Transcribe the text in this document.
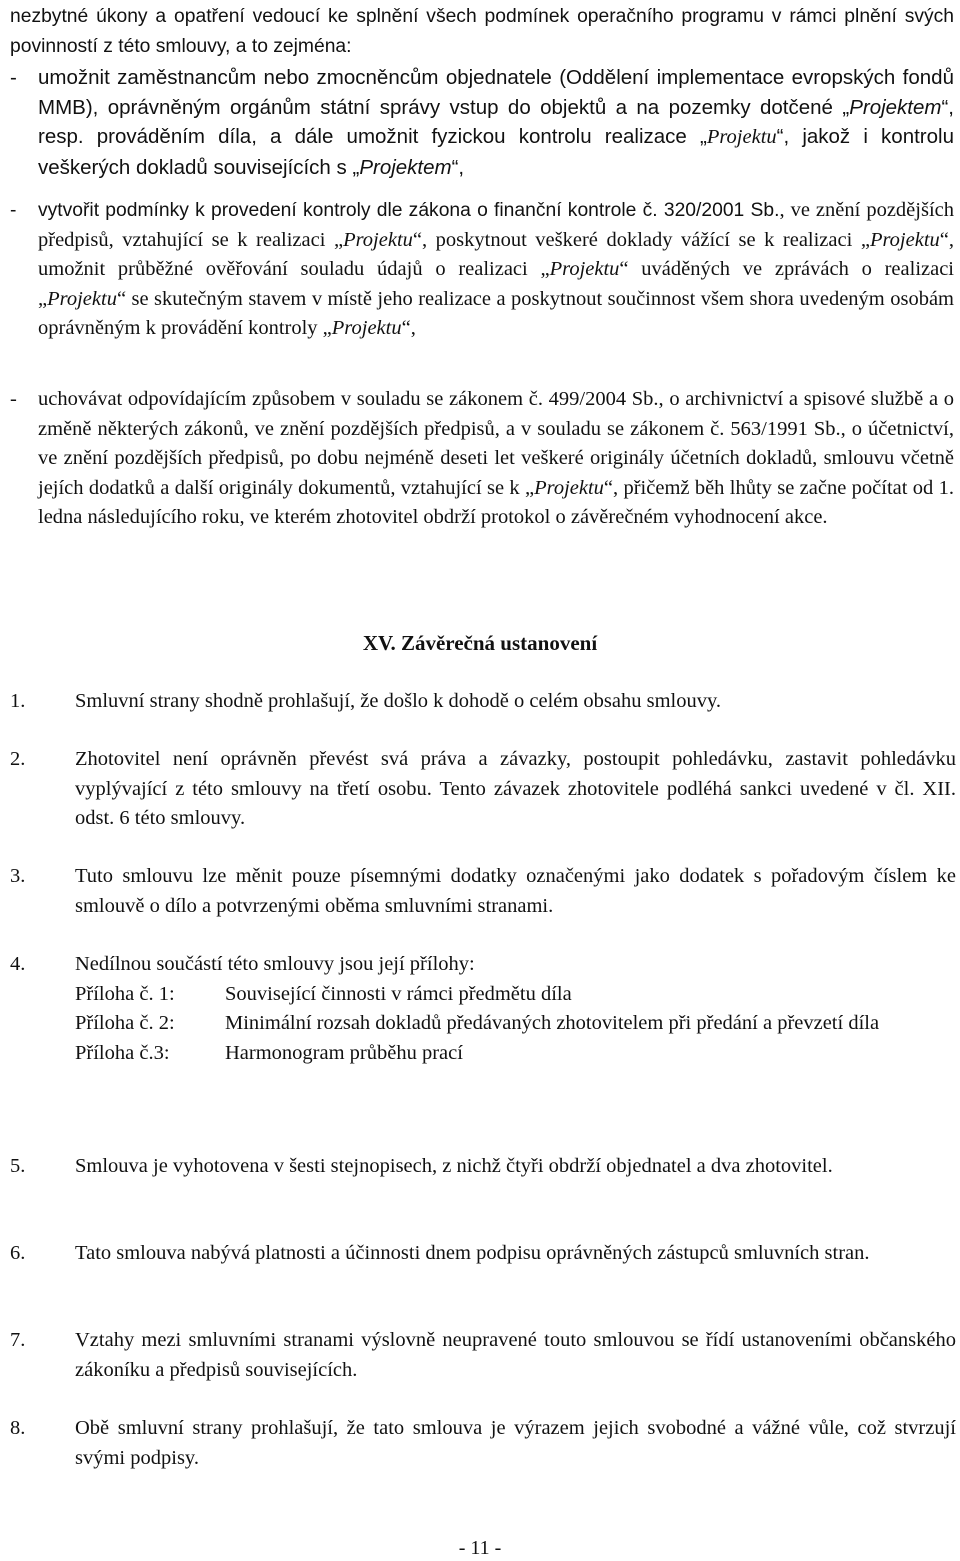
nezbytné úkony a opatření vedoucí ke splnění všech podmínek operačního programu v rámci plnění svých povinností z této smlouvy, a to zejména:

- umožnit zaměstnancům nebo zmocněncům objednatele (Oddělení implementace evropských fondů MMB), oprávněným orgánům státní správy vstup do objektů a na pozemky dotčené „Projektem“, resp. prováděním díla, a dále umožnit fyzickou kontrolu realizace „Projektu“, jakož i kontrolu veškerých dokladů souvisejících s „Projektem“,
- vytvořit podmínky k provedení kontroly dle zákona o finanční kontrole č. 320/2001 Sb., ve znění pozdějších předpisů, vztahující se k realizaci „Projektu“, poskytnout veškeré doklady vážící se k realizaci „Projektu“, umožnit průběžné ověřování souladu údajů o realizaci „Projektu“ uváděných ve zprávách o realizaci „Projektu“ se skutečným stavem v místě jeho realizace a poskytnout součinnost všem shora uvedeným osobám oprávněným k provádění kontroly „Projektu“,
- uchovávat odpovídajícím způsobem v souladu se zákonem č. 499/2004 Sb., o archivnictví a spisové službě a o změně některých zákonů, ve znění pozdějších předpisů, a v souladu se zákonem č. 563/1991 Sb., o účetnictví, ve znění pozdějších předpisů, po dobu nejméně deseti let veškeré originály účetních dokladů, smlouvu včetně jejích dodatků a další originály dokumentů, vztahující se k „Projektu“, přičemž běh lhůty se začne počítat od 1. ledna následujícího roku, ve kterém zhotovitel obdrží protokol o závěrečném vyhodnocení akce.
XV. Závěrečná ustanovení
1. Smluvní strany shodně prohlašují, že došlo k dohodě o celém obsahu smlouvy.

2. Zhotovitel není oprávněn převést svá práva a závazky, postoupit pohledávku, zastavit pohledávku vyplývající z této smlouvy na třetí osobu. Tento závazek zhotovitele podléhá sankci uvedené v čl. XII. odst. 6 této smlouvy.

3. Tuto smlouvu lze měnit pouze písemnými dodatky označenými jako dodatek s pořadovým číslem ke smlouvě o dílo a potvrzenými oběma smluvními stranami.

4. Nedílnou součástí této smlouvy jsou její přílohy:

Příloha č. 1:	Související činnosti v rámci předmětu díla
Příloha č. 2:	Minimální rozsah dokladů předávaných zhotovitelem při předání a převzetí díla
Příloha č.3:	Harmonogram průběhu prací
5. Smlouva je vyhotovena v šesti stejnopisech, z nichž čtyři obdrží objednatel a dva zhotovitel.

6. Tato smlouva nabývá platnosti a účinnosti dnem podpisu oprávněných zástupců smluvních stran.

7. Vztahy mezi smluvními stranami výslovně neupravené touto smlouvou se řídí ustanoveními občanského zákoníku a předpisů souvisejících.

8. Obě smluvní strany prohlašují, že tato smlouva je výrazem jejich svobodné a vážné vůle, což stvrzují svými podpisy.

- 11 -
